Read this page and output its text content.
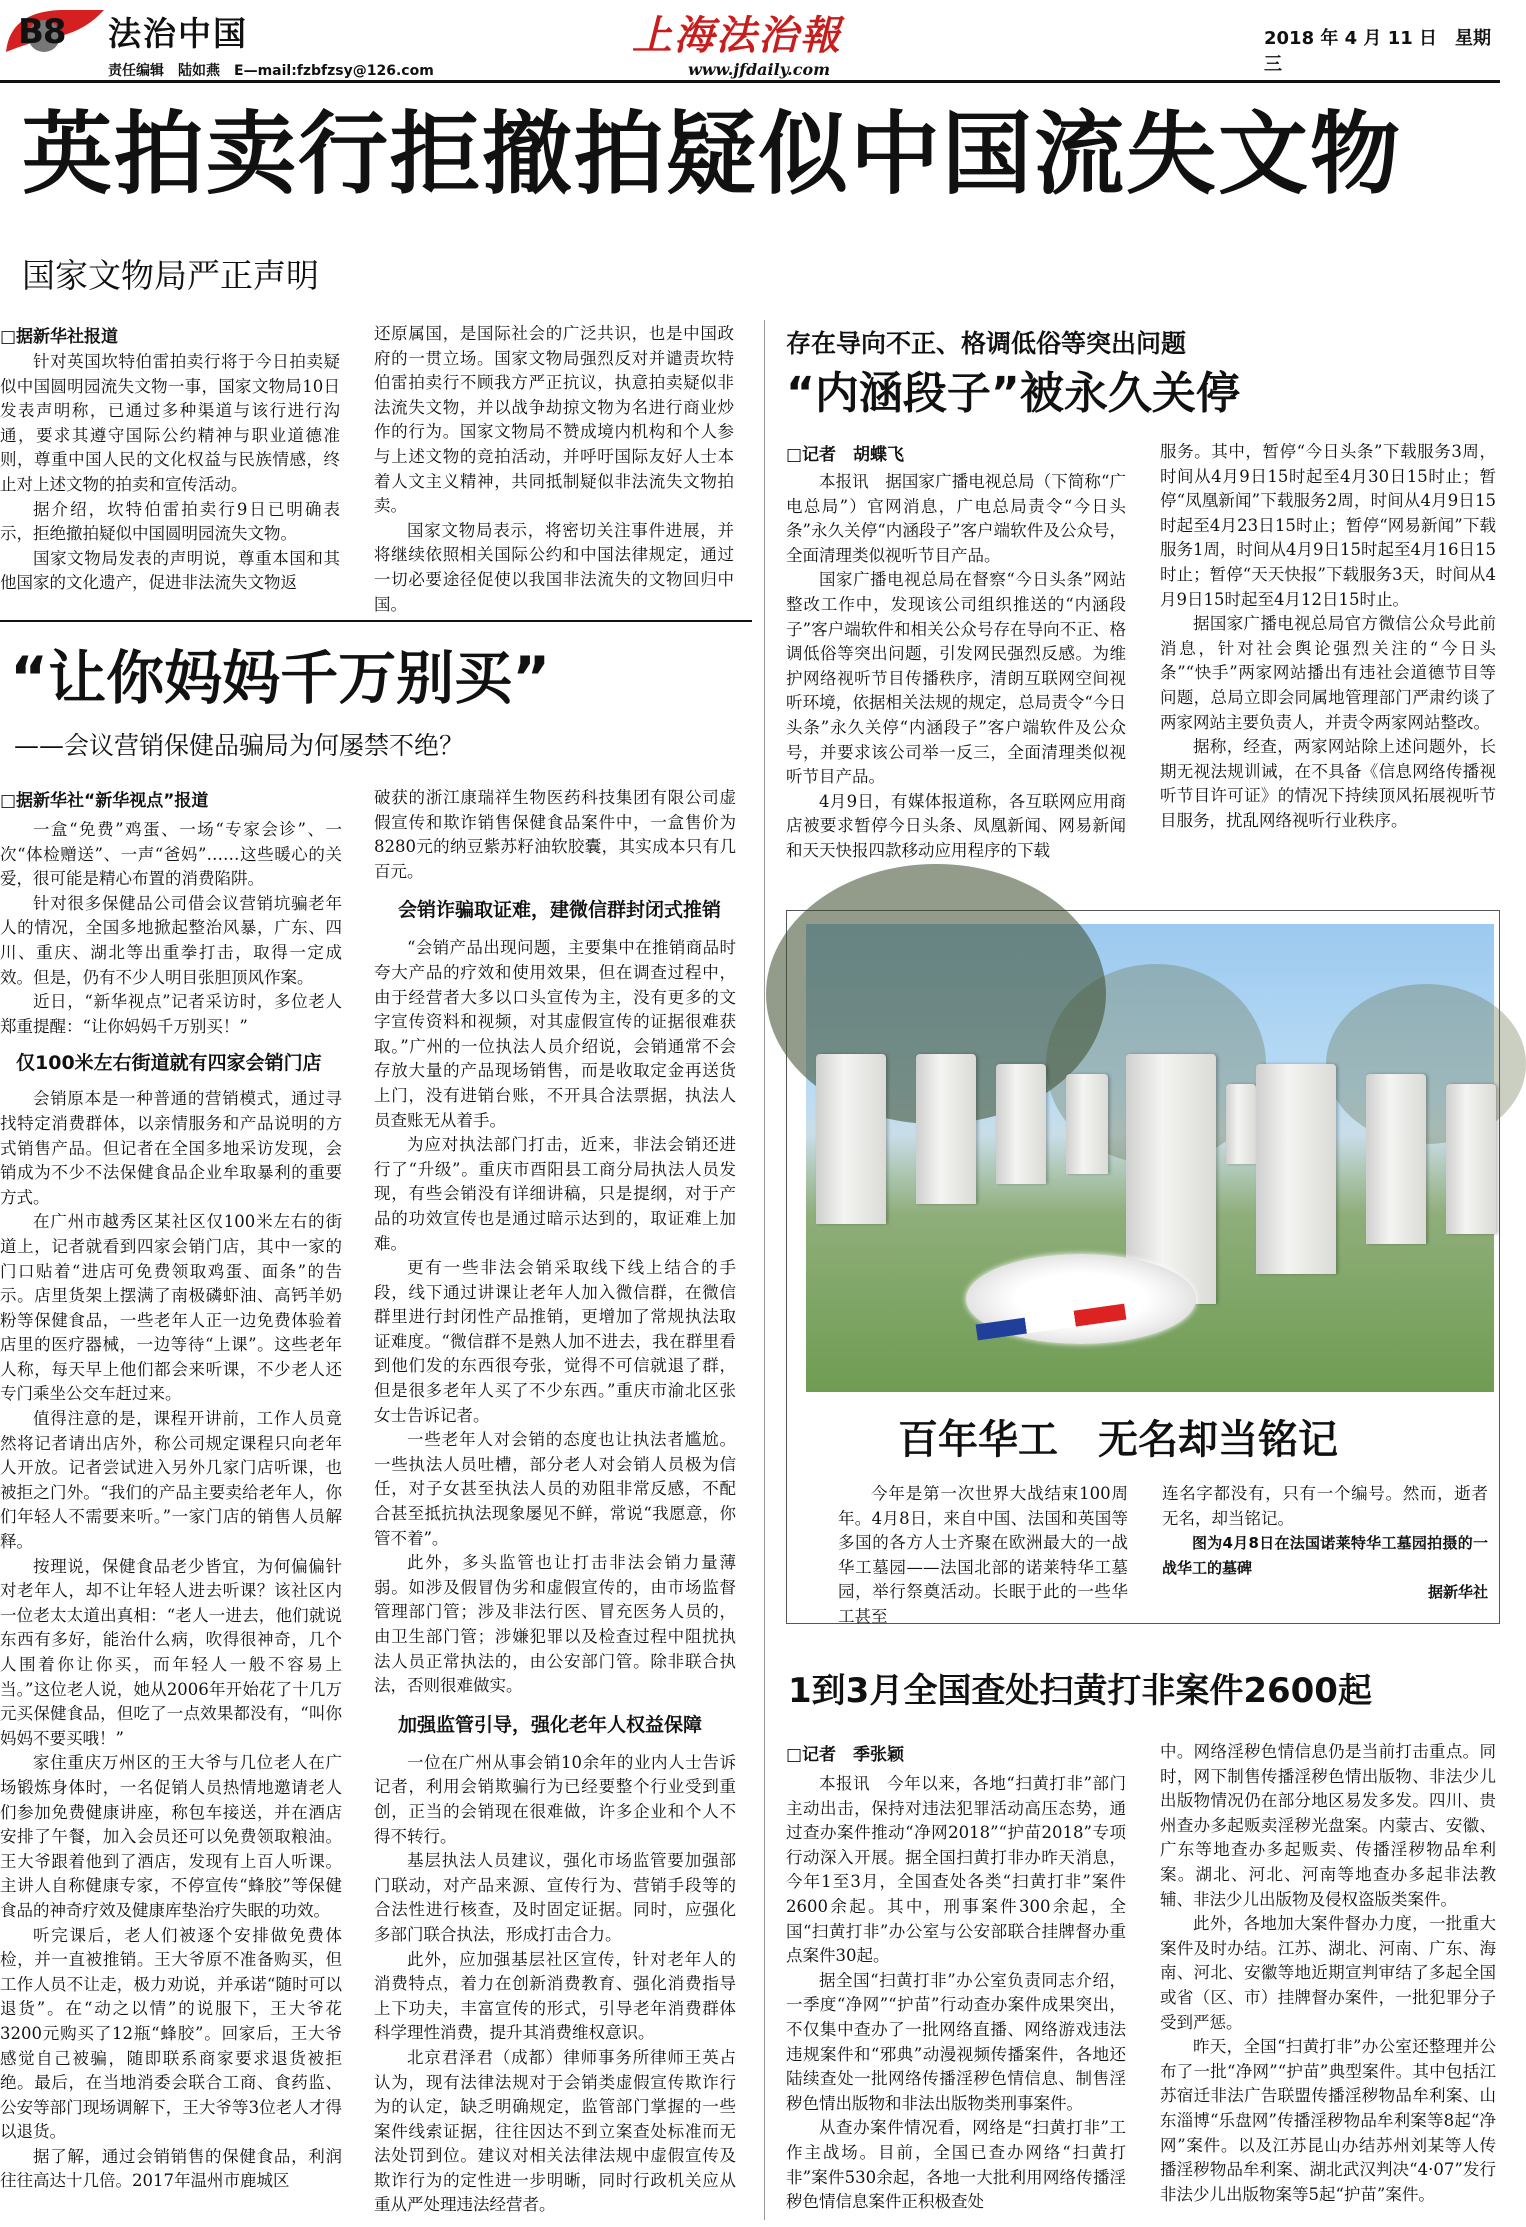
B8 法治中国
责任编辑　陆如燕　E—mail:fzbfzsy@126.com
上海法治報
www.jfdaily.com
2018 年 4 月 11 日　星期三
英拍卖行拒撤拍疑似中国流失文物
国家文物局严正声明
□据新华社报道

针对英国坎特伯雷拍卖行将于今日拍卖疑似中国圆明园流失文物一事，国家文物局10日发表声明称，已通过多种渠道与该行进行沟通，要求其遵守国际公约精神与职业道德准则，尊重中国人民的文化权益与民族情感，终止对上述文物的拍卖和宣传活动。

据介绍，坎特伯雷拍卖行9日已明确表示，拒绝撤拍疑似中国圆明园流失文物。

国家文物局发表的声明说，尊重本国和其他国家的文化遗产，促进非法流失文物返

还原属国，是国际社会的广泛共识，也是中国政府的一贯立场。国家文物局强烈反对并谴责坎特伯雷拍卖行不顾我方严正抗议，执意拍卖疑似非法流失文物，并以战争劫掠文物为名进行商业炒作的行为。国家文物局不赞成境内机构和个人参与上述文物的竞拍活动，并呼吁国际友好人士本着人文主义精神，共同抵制疑似非法流失文物拍卖。

国家文物局表示，将密切关注事件进展，并将继续依照相关国际公约和中国法律规定，通过一切必要途径促使以我国非法流失的文物回归中国。

“让你妈妈千万别买”
——会议营销保健品骗局为何屡禁不绝？
□据新华社“新华视点”报道

一盒“免费”鸡蛋、一场“专家会诊”、一次“体检赠送”、一声“爸妈”……这些暖心的关爱，很可能是精心布置的消费陷阱。

针对很多保健品公司借会议营销坑骗老年人的情况，全国多地掀起整治风暴，广东、四川、重庆、湖北等出重拳打击，取得一定成效。但是，仍有不少人明目张胆顶风作案。

近日，“新华视点”记者采访时，多位老人郑重提醒：“让你妈妈千万别买！”

仅100米左右街道就有四家会销门店

会销原本是一种普通的营销模式，通过寻找特定消费群体，以亲情服务和产品说明的方式销售产品。但记者在全国多地采访发现，会销成为不少不法保健食品企业牟取暴利的重要方式。

在广州市越秀区某社区仅100米左右的街道上，记者就看到四家会销门店，其中一家的门口贴着“进店可免费领取鸡蛋、面条”的告示。店里货架上摆满了南极磷虾油、高钙羊奶粉等保健食品，一些老年人正一边免费体验着店里的医疗器械，一边等待“上课”。这些老年人称，每天早上他们都会来听课，不少老人还专门乘坐公交车赶过来。

值得注意的是，课程开讲前，工作人员竟然将记者请出店外，称公司规定课程只向老年人开放。记者尝试进入另外几家门店听课，也被拒之门外。“我们的产品主要卖给老年人，你们年轻人不需要来听。”一家门店的销售人员解释。

按理说，保健食品老少皆宜，为何偏偏针对老年人，却不让年轻人进去听课？该社区内一位老太太道出真相：“老人一进去，他们就说东西有多好，能治什么病，吹得很神奇，几个人围着你让你买，而年轻人一般不容易上当。”这位老人说，她从2006年开始花了十几万元买保健食品，但吃了一点效果都没有，“叫你妈妈不要买哦！”

家住重庆万州区的王大爷与几位老人在广场锻炼身体时，一名促销人员热情地邀请老人们参加免费健康讲座，称包车接送，并在酒店安排了午餐，加入会员还可以免费领取粮油。王大爷跟着他到了酒店，发现有上百人听课。主讲人自称健康专家，不停宣传“蜂胶”等保健食品的神奇疗效及健康库垫治疗失眠的功效。

听完课后，老人们被逐个安排做免费体检，并一直被推销。王大爷原不准备购买，但工作人员不让走，极力劝说，并承诺“随时可以退货”。在“动之以情”的说服下，王大爷花3200元购买了12瓶“蜂胶”。回家后，王大爷感觉自己被骗，随即联系商家要求退货被拒绝。最后，在当地消委会联合工商、食药监、公安等部门现场调解下，王大爷等3位老人才得以退货。

据了解，通过会销销售的保健食品，利润往往高达十几倍。2017年温州市鹿城区

破获的浙江康瑞祥生物医药科技集团有限公司虚假宣传和欺诈销售保健食品案件中，一盒售价为8280元的纳豆紫苏籽油软胶囊，其实成本只有几百元。

会销诈骗取证难，建微信群封闭式推销

“会销产品出现问题，主要集中在推销商品时夸大产品的疗效和使用效果，但在调查过程中，由于经营者大多以口头宣传为主，没有更多的文字宣传资料和视频，对其虚假宣传的证据很难获取。”广州的一位执法人员介绍说，会销通常不会存放大量的产品现场销售，而是收取定金再送货上门，没有进销台账，不开具合法票据，执法人员查账无从着手。

为应对执法部门打击，近来，非法会销还进行了“升级”。重庆市酉阳县工商分局执法人员发现，有些会销没有详细讲稿，只是提纲，对于产品的功效宣传也是通过暗示达到的，取证难上加难。

更有一些非法会销采取线下线上结合的手段，线下通过讲课让老年人加入微信群，在微信群里进行封闭性产品推销，更增加了常规执法取证难度。“微信群不是熟人加不进去，我在群里看到他们发的东西很夸张，觉得不可信就退了群，但是很多老年人买了不少东西。”重庆市渝北区张女士告诉记者。

一些老年人对会销的态度也让执法者尴尬。一些执法人员吐槽，部分老人对会销人员极为信任，对子女甚至执法人员的劝阻非常反感，不配合甚至抵抗执法现象屡见不鲜，常说“我愿意，你管不着”。

此外，多头监管也让打击非法会销力量薄弱。如涉及假冒伪劣和虚假宣传的，由市场监督管理部门管；涉及非法行医、冒充医务人员的，由卫生部门管；涉嫌犯罪以及检查过程中阻扰执法人员正常执法的，由公安部门管。除非联合执法，否则很难做实。

加强监管引导，强化老年人权益保障

一位在广州从事会销10余年的业内人士告诉记者，利用会销欺骗行为已经要整个行业受到重创，正当的会销现在很难做，许多企业和个人不得不转行。

基层执法人员建议，强化市场监管要加强部门联动，对产品来源、宣传行为、营销手段等的合法性进行核查，及时固定证据。同时，应强化多部门联合执法，形成打击合力。

此外，应加强基层社区宣传，针对老年人的消费特点，着力在创新消费教育、强化消费指导上下功夫，丰富宣传的形式，引导老年消费群体科学理性消费，提升其消费维权意识。

北京君泽君（成都）律师事务所律师王英占认为，现有法律法规对于会销类虚假宣传欺诈行为的认定，缺乏明确规定，监管部门掌握的一些案件线索证据，往往因达不到立案查处标准而无法处罚到位。建议对相关法律法规中虚假宣传及欺诈行为的定性进一步明晰，同时行政机关应从重从严处理违法经营者。

存在导向不正、格调低俗等突出问题
“内涵段子”被永久关停
□记者　胡蝶飞

本报讯　据国家广播电视总局（下简称“广电总局”）官网消息，广电总局责令“今日头条”永久关停“内涵段子”客户端软件及公众号，全面清理类似视听节目产品。

国家广播电视总局在督察“今日头条”网站整改工作中，发现该公司组织推送的“内涵段子”客户端软件和相关公众号存在导向不正、格调低俗等突出问题，引发网民强烈反感。为维护网络视听节目传播秩序，清朗互联网空间视听环境，依据相关法规的规定，总局责令“今日头条”永久关停“内涵段子”客户端软件及公众号，并要求该公司举一反三，全面清理类似视听节目产品。

4月9日，有媒体报道称，各互联网应用商店被要求暂停今日头条、凤凰新闻、网易新闻和天天快报四款移动应用程序的下载

服务。其中，暂停“今日头条”下载服务3周，时间从4月9日15时起至4月30日15时止；暂停“凤凰新闻”下载服务2周，时间从4月9日15时起至4月23日15时止；暂停“网易新闻”下载服务1周，时间从4月9日15时起至4月16日15时止；暂停“天天快报”下载服务3天，时间从4月9日15时起至4月12日15时止。

据国家广播电视总局官方微信公众号此前消息，针对社会舆论强烈关注的“今日头条”“快手”两家网站播出有违社会道德节目等问题，总局立即会同属地管理部门严肃约谈了两家网站主要负责人，并责令两家网站整改。

据称，经查，两家网站除上述问题外，长期无视法规训诫，在不具备《信息网络传播视听节目许可证》的情况下持续顶风拓展视听节目服务，扰乱网络视听行业秩序。

百年华工　无名却当铭记

今年是第一次世界大战结束100周年。4月8日，来自中国、法国和英国等多国的各方人士齐聚在欧洲最大的一战华工墓园——法国北部的诺莱特华工墓园，举行祭奠活动。长眠于此的一些华工甚至

连名字都没有，只有一个编号。然而，逝者无名，却当铭记。

图为4月8日在法国诺莱特华工墓园拍摄的一战华工的墓碑

据新华社
1到3月全国查处扫黄打非案件2600起
□记者　季张颖

本报讯　今年以来，各地“扫黄打非”部门主动出击，保持对违法犯罪活动高压态势，通过查办案件推动“净网2018”“护苗2018”专项行动深入开展。据全国扫黄打非办昨天消息，今年1至3月，全国查处各类“扫黄打非”案件2600余起。其中，刑事案件300余起，全国“扫黄打非”办公室与公安部联合挂牌督办重点案件30起。

据全国“扫黄打非”办公室负责同志介绍，一季度“净网”“护苗”行动查办案件成果突出，不仅集中查办了一批网络直播、网络游戏违法违规案件和“邪典”动漫视频传播案件，各地还陆续查处一批网络传播淫秽色情信息、制售淫秽色情出版物和非法出版物类刑事案件。

从查办案件情况看，网络是“扫黄打非”工作主战场。目前，全国已查办网络“扫黄打非”案件530余起，各地一大批利用网络传播淫秽色情信息案件正积极查处

中。网络淫秽色情信息仍是当前打击重点。同时，网下制售传播淫秽色情出版物、非法少儿出版物情况仍在部分地区易发多发。四川、贵州查办多起贩卖淫秽光盘案。内蒙古、安徽、广东等地查办多起贩卖、传播淫秽物品牟利案。湖北、河北、河南等地查办多起非法教辅、非法少儿出版物及侵权盗版类案件。

此外，各地加大案件督办力度，一批重大案件及时办结。江苏、湖北、河南、广东、海南、河北、安徽等地近期宣判审结了多起全国或省（区、市）挂牌督办案件，一批犯罪分子受到严惩。

昨天，全国“扫黄打非”办公室还整理并公布了一批“净网”“护苗”典型案件。其中包括江苏宿迁非法广告联盟传播淫秽物品牟利案、山东淄博“乐盘网”传播淫秽物品牟利案等8起“净网”案件。以及江苏昆山办结苏州刘某等人传播淫秽物品牟利案、湖北武汉判决“4·07”发行非法少儿出版物案等5起“护苗”案件。
